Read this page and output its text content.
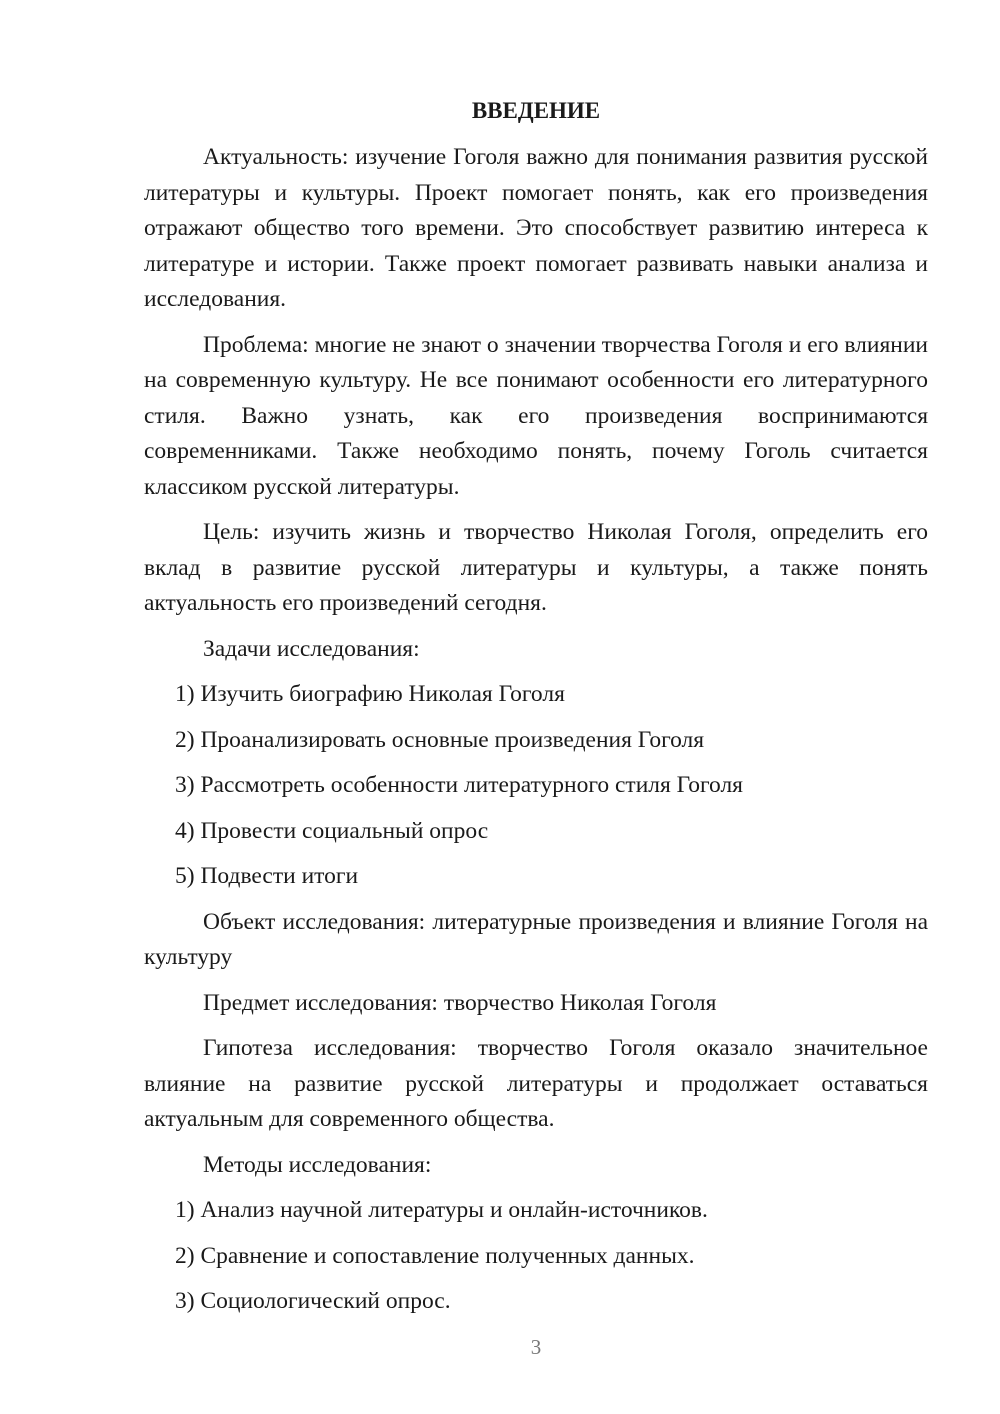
ВВЕДЕНИЕ

Актуальность: изучение Гоголя важно для понимания развития русской литературы и культуры. Проект помогает понять, как его произведения отражают общество того времени. Это способствует развитию интереса к литературе и истории. Также проект помогает развивать навыки анализа и исследования.

Проблема: многие не знают о значении творчества Гоголя и его влиянии на современную культуру. Не все понимают особенности его литературного стиля. Важно узнать, как его произведения воспринимаются современниками. Также необходимо понять, почему Гоголь считается классиком русской литературы.

Цель: изучить жизнь и творчество Николая Гоголя, определить его вклад в развитие русской литературы и культуры, а также понять актуальность его произведений сегодня.

Задачи исследования:

1) Изучить биографию Николая Гоголя
2) Проанализировать основные произведения Гоголя
3) Рассмотреть особенности литературного стиля Гоголя
4) Провести социальный опрос
5) Подвести итоги

Объект исследования: литературные произведения и влияние Гоголя на культуру

Предмет исследования: творчество Николая Гоголя

Гипотеза исследования: творчество Гоголя оказало значительное влияние на развитие русской литературы и продолжает оставаться актуальным для современного общества.

Методы исследования:

1) Анализ научной литературы и онлайн-источников.
2) Сравнение и сопоставление полученных данных.
3) Социологический опрос.
3
